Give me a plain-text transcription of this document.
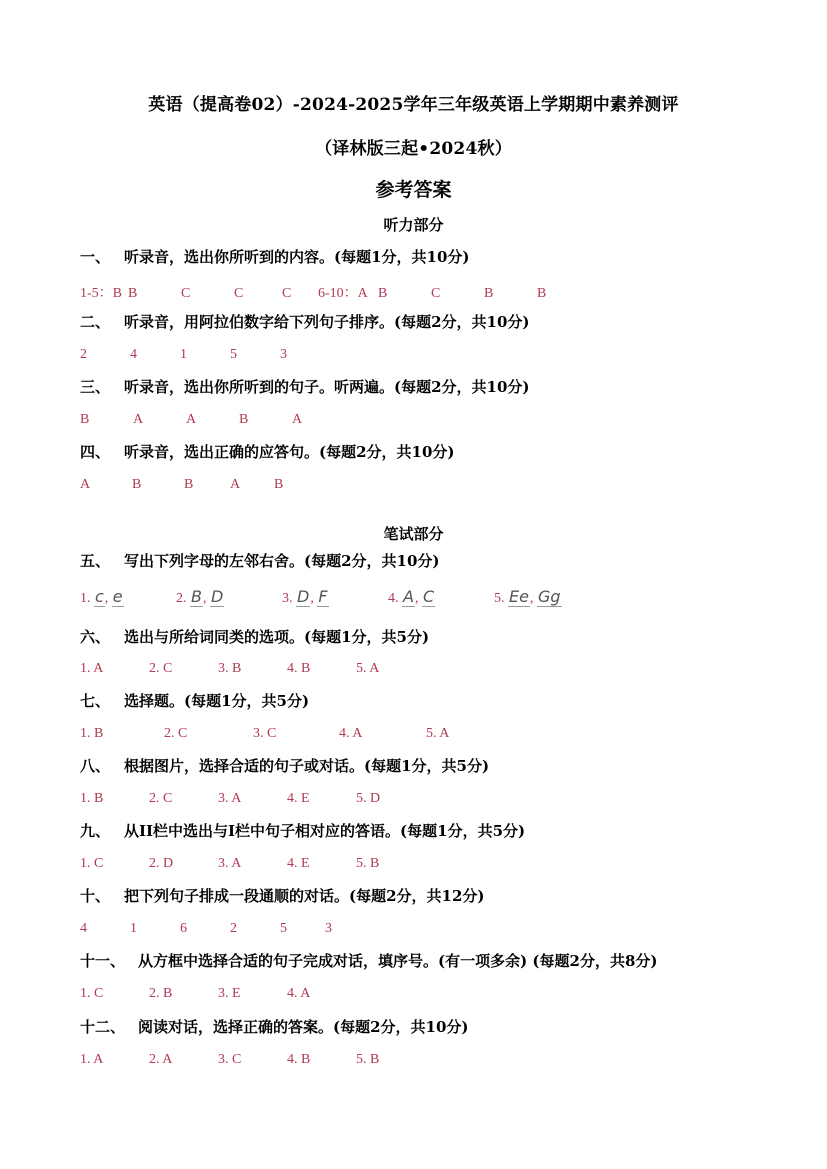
英语（提高卷02）-2024-2025学年三年级英语上学期期中素养测评
（译林版三起•2024秋）
参考答案
听力部分
一、 听录音，选出你所听到的内容。(每题1分，共10分)
1-5：B B	C	C	C 6-10：A B	C	B	B
二、 听录音，用阿拉伯数字给下列句子排序。(每题2分，共10分)
2	4	1	5	3
三、 听录音，选出你所听到的句子。听两遍。(每题2分，共10分)
B	A	A	B	A
四、 听录音，选出正确的应答句。(每题2分，共10分)
A	B	B	A B
笔试部分
五、 写出下列字母的左邻右舍。(每题2分，共10分)
1. c, e	2. B, D	3. D, F	4. A, C	5. Ee, Gg
六、 选出与所给词同类的选项。(每题1分，共5分)
1. A	2. C	3. B	4. B	5. A
七、 选择题。(每题1分，共5分)
1. B	2. C	3. C	4. A	5. A
八、 根据图片，选择合适的句子或对话。(每题1分，共5分)
1. B	2. C	3. A	4. E	5. D
九、 从II栏中选出与I栏中句子相对应的答语。(每题1分，共5分)
1. C	2. D	3. A	4. E	5. B
十、 把下列句子排成一段通顺的对话。(每题2分，共12分)
4	1	6	2	5	3
十一、 从方框中选择合适的句子完成对话，填序号。(有一项多余) (每题2分，共8分)
1. C	2. B	3. E	4. A
十二、 阅读对话，选择正确的答案。(每题2分，共10分)
1. A	2. A	3. C	4. B	5. B
